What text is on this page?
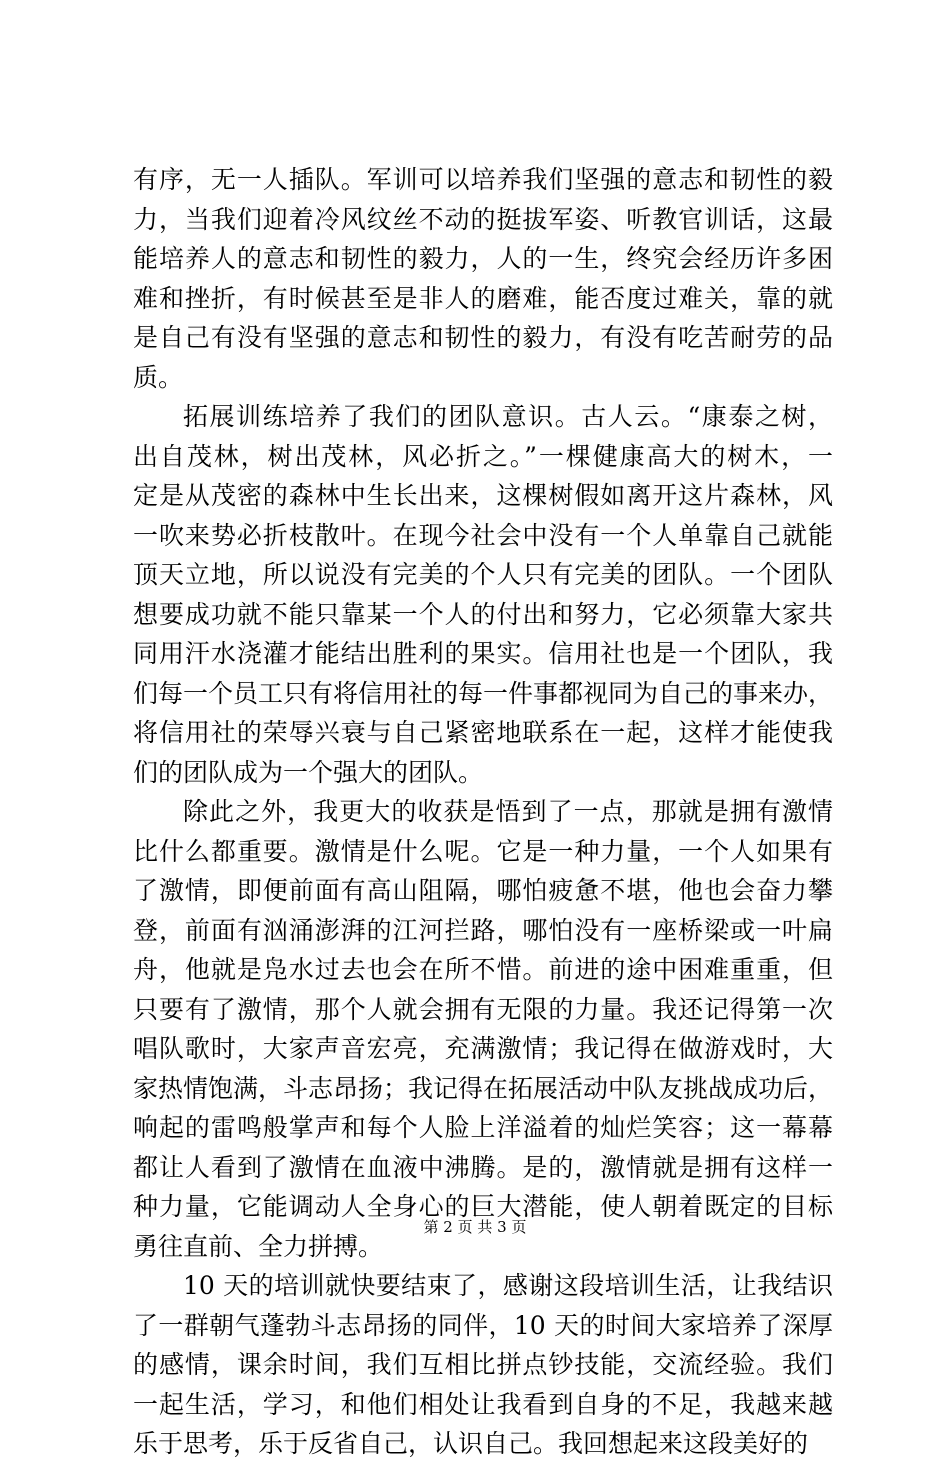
有序，无一人插队。军训可以培养我们坚强的意志和韧性的毅
力，当我们迎着冷风纹丝不动的挺拔军姿、听教官训话，这最
能培养人的意志和韧性的毅力，人的一生，终究会经历许多困
难和挫折，有时候甚至是非人的磨难，能否度过难关，靠的就
是自己有没有坚强的意志和韧性的毅力，有没有吃苦耐劳的品
质。
拓展训练培养了我们的团队意识。古人云。“康泰之树，
出自茂林，树出茂林，风必折之。”一棵健康高大的树木，一
定是从茂密的森林中生长出来，这棵树假如离开这片森林，风
一吹来势必折枝散叶。在现今社会中没有一个人单靠自己就能
顶天立地，所以说没有完美的个人只有完美的团队。一个团队
想要成功就不能只靠某一个人的付出和努力，它必须靠大家共
同用汗水浇灌才能结出胜利的果实。信用社也是一个团队，我
们每一个员工只有将信用社的每一件事都视同为自己的事来办，
将信用社的荣辱兴衰与自己紧密地联系在一起，这样才能使我
们的团队成为一个强大的团队。
除此之外，我更大的收获是悟到了一点，那就是拥有激情
比什么都重要。激情是什么呢。它是一种力量，一个人如果有
了激情，即便前面有高山阻隔，哪怕疲惫不堪，他也会奋力攀
登，前面有汹涌澎湃的江河拦路，哪怕没有一座桥梁或一叶扁
舟，他就是凫水过去也会在所不惜。前进的途中困难重重，但
只要有了激情，那个人就会拥有无限的力量。我还记得第一次
唱队歌时，大家声音宏亮，充满激情；我记得在做游戏时，大
家热情饱满，斗志昂扬；我记得在拓展活动中队友挑战成功后，
响起的雷鸣般掌声和每个人脸上洋溢着的灿烂笑容；这一幕幕
都让人看到了激情在血液中沸腾。是的，激情就是拥有这样一
种力量，它能调动人全身心的巨大潜能，使人朝着既定的目标
勇往直前、全力拼搏。
10 天的培训就快要结束了，感谢这段培训生活，让我结识
了一群朝气蓬勃斗志昂扬的同伴，10 天的时间大家培养了深厚
的感情，课余时间，我们互相比拼点钞技能，交流经验。我们
一起生活，学习，和他们相处让我看到自身的不足，我越来越
乐于思考，乐于反省自己，认识自己。我回想起来这段美好的
第 2 页 共 3 页
